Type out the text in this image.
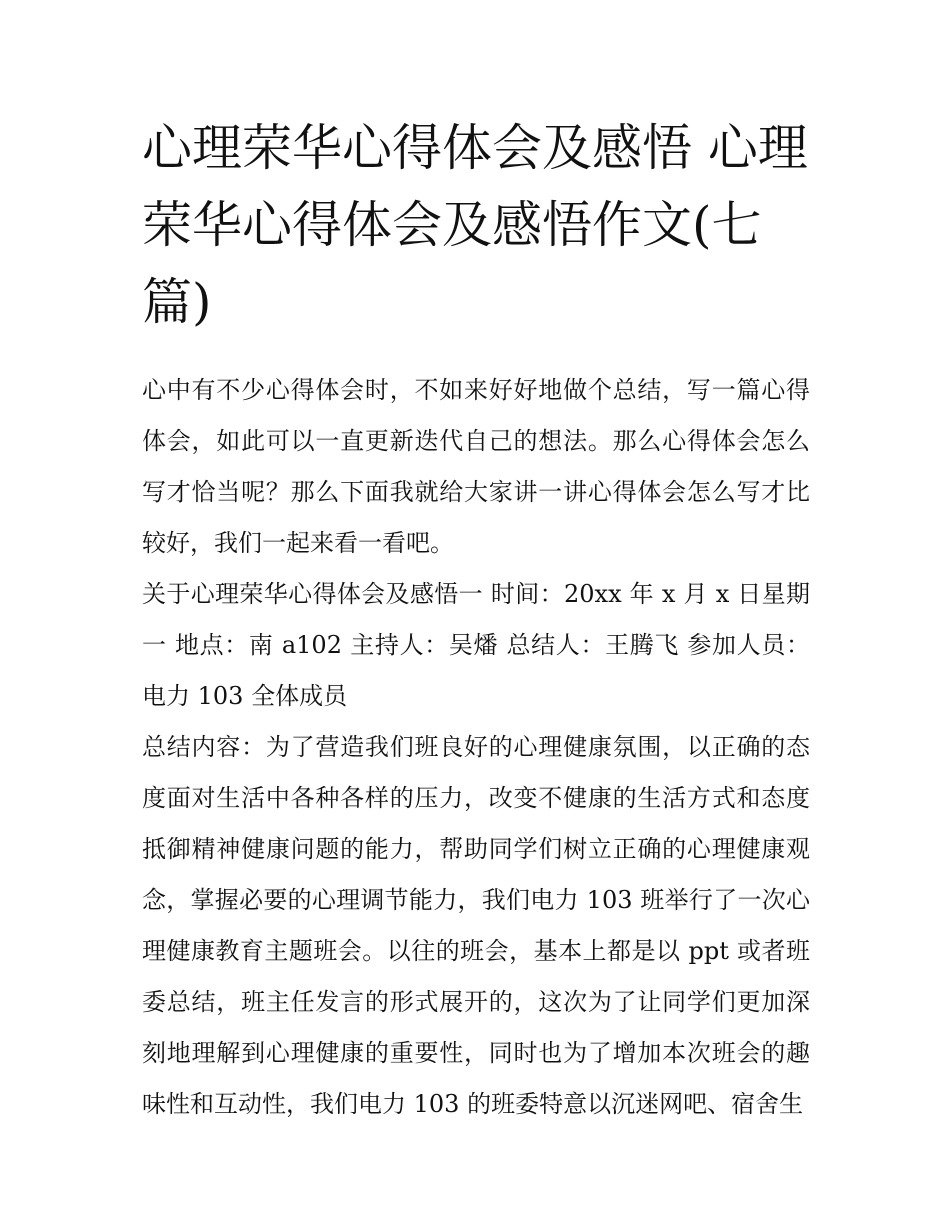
心理荣华心得体会及感悟 心理荣华心得体会及感悟作文(七篇)

心中有不少心得体会时，不如来好好地做个总结，写一篇心得体会，如此可以一直更新迭代自己的想法。那么心得体会怎么写才恰当呢？那么下面我就给大家讲一讲心得体会怎么写才比较好，我们一起来看一看吧。

关于心理荣华心得体会及感悟一 时间：20xx 年 x 月 x 日星期一 地点：南 a102 主持人：吴燔 总结人：王腾飞 参加人员：电力 103 全体成员

总结内容：为了营造我们班良好的心理健康氛围，以正确的态度面对生活中各种各样的压力，改变不健康的生活方式和态度抵御精神健康问题的能力，帮助同学们树立正确的心理健康观念，掌握必要的心理调节能力，我们电力 103 班举行了一次心理健康教育主题班会。以往的班会，基本上都是以 ppt 或者班委总结，班主任发言的形式展开的，这次为了让同学们更加深刻地理解到心理健康的重要性，同时也为了增加本次班会的趣味性和互动性，我们电力 103 的班委特意以沉迷网吧、宿舍生
